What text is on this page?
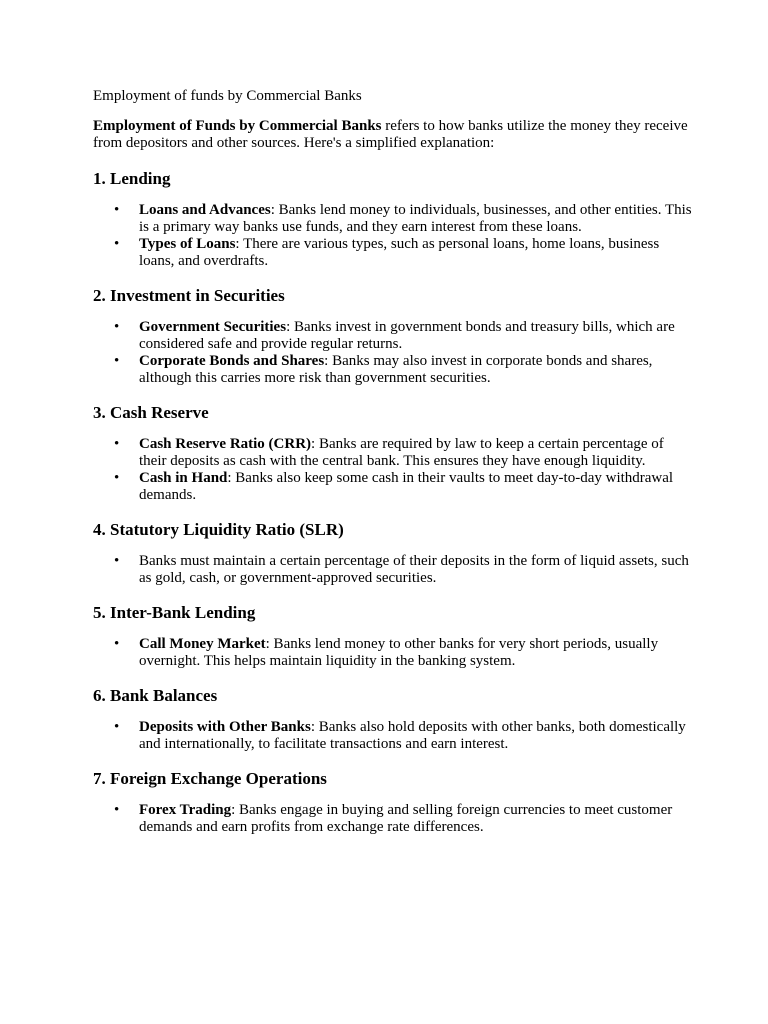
Employment of funds by Commercial Banks

Employment of Funds by Commercial Banks refers to how banks utilize the money they receive from depositors and other sources. Here's a simplified explanation:

1. Lending
• Loans and Advances: Banks lend money to individuals, businesses, and other entities. This is a primary way banks use funds, and they earn interest from these loans.
• Types of Loans: There are various types, such as personal loans, home loans, business loans, and overdrafts.
2. Investment in Securities
• Government Securities: Banks invest in government bonds and treasury bills, which are considered safe and provide regular returns.
• Corporate Bonds and Shares: Banks may also invest in corporate bonds and shares, although this carries more risk than government securities.
3. Cash Reserve
• Cash Reserve Ratio (CRR): Banks are required by law to keep a certain percentage of their deposits as cash with the central bank. This ensures they have enough liquidity.
• Cash in Hand: Banks also keep some cash in their vaults to meet day-to-day withdrawal demands.
4. Statutory Liquidity Ratio (SLR)
• Banks must maintain a certain percentage of their deposits in the form of liquid assets, such as gold, cash, or government-approved securities.
5. Inter-Bank Lending
• Call Money Market: Banks lend money to other banks for very short periods, usually overnight. This helps maintain liquidity in the banking system.
6. Bank Balances
• Deposits with Other Banks: Banks also hold deposits with other banks, both domestically and internationally, to facilitate transactions and earn interest.
7. Foreign Exchange Operations
• Forex Trading: Banks engage in buying and selling foreign currencies to meet customer demands and earn profits from exchange rate differences.
